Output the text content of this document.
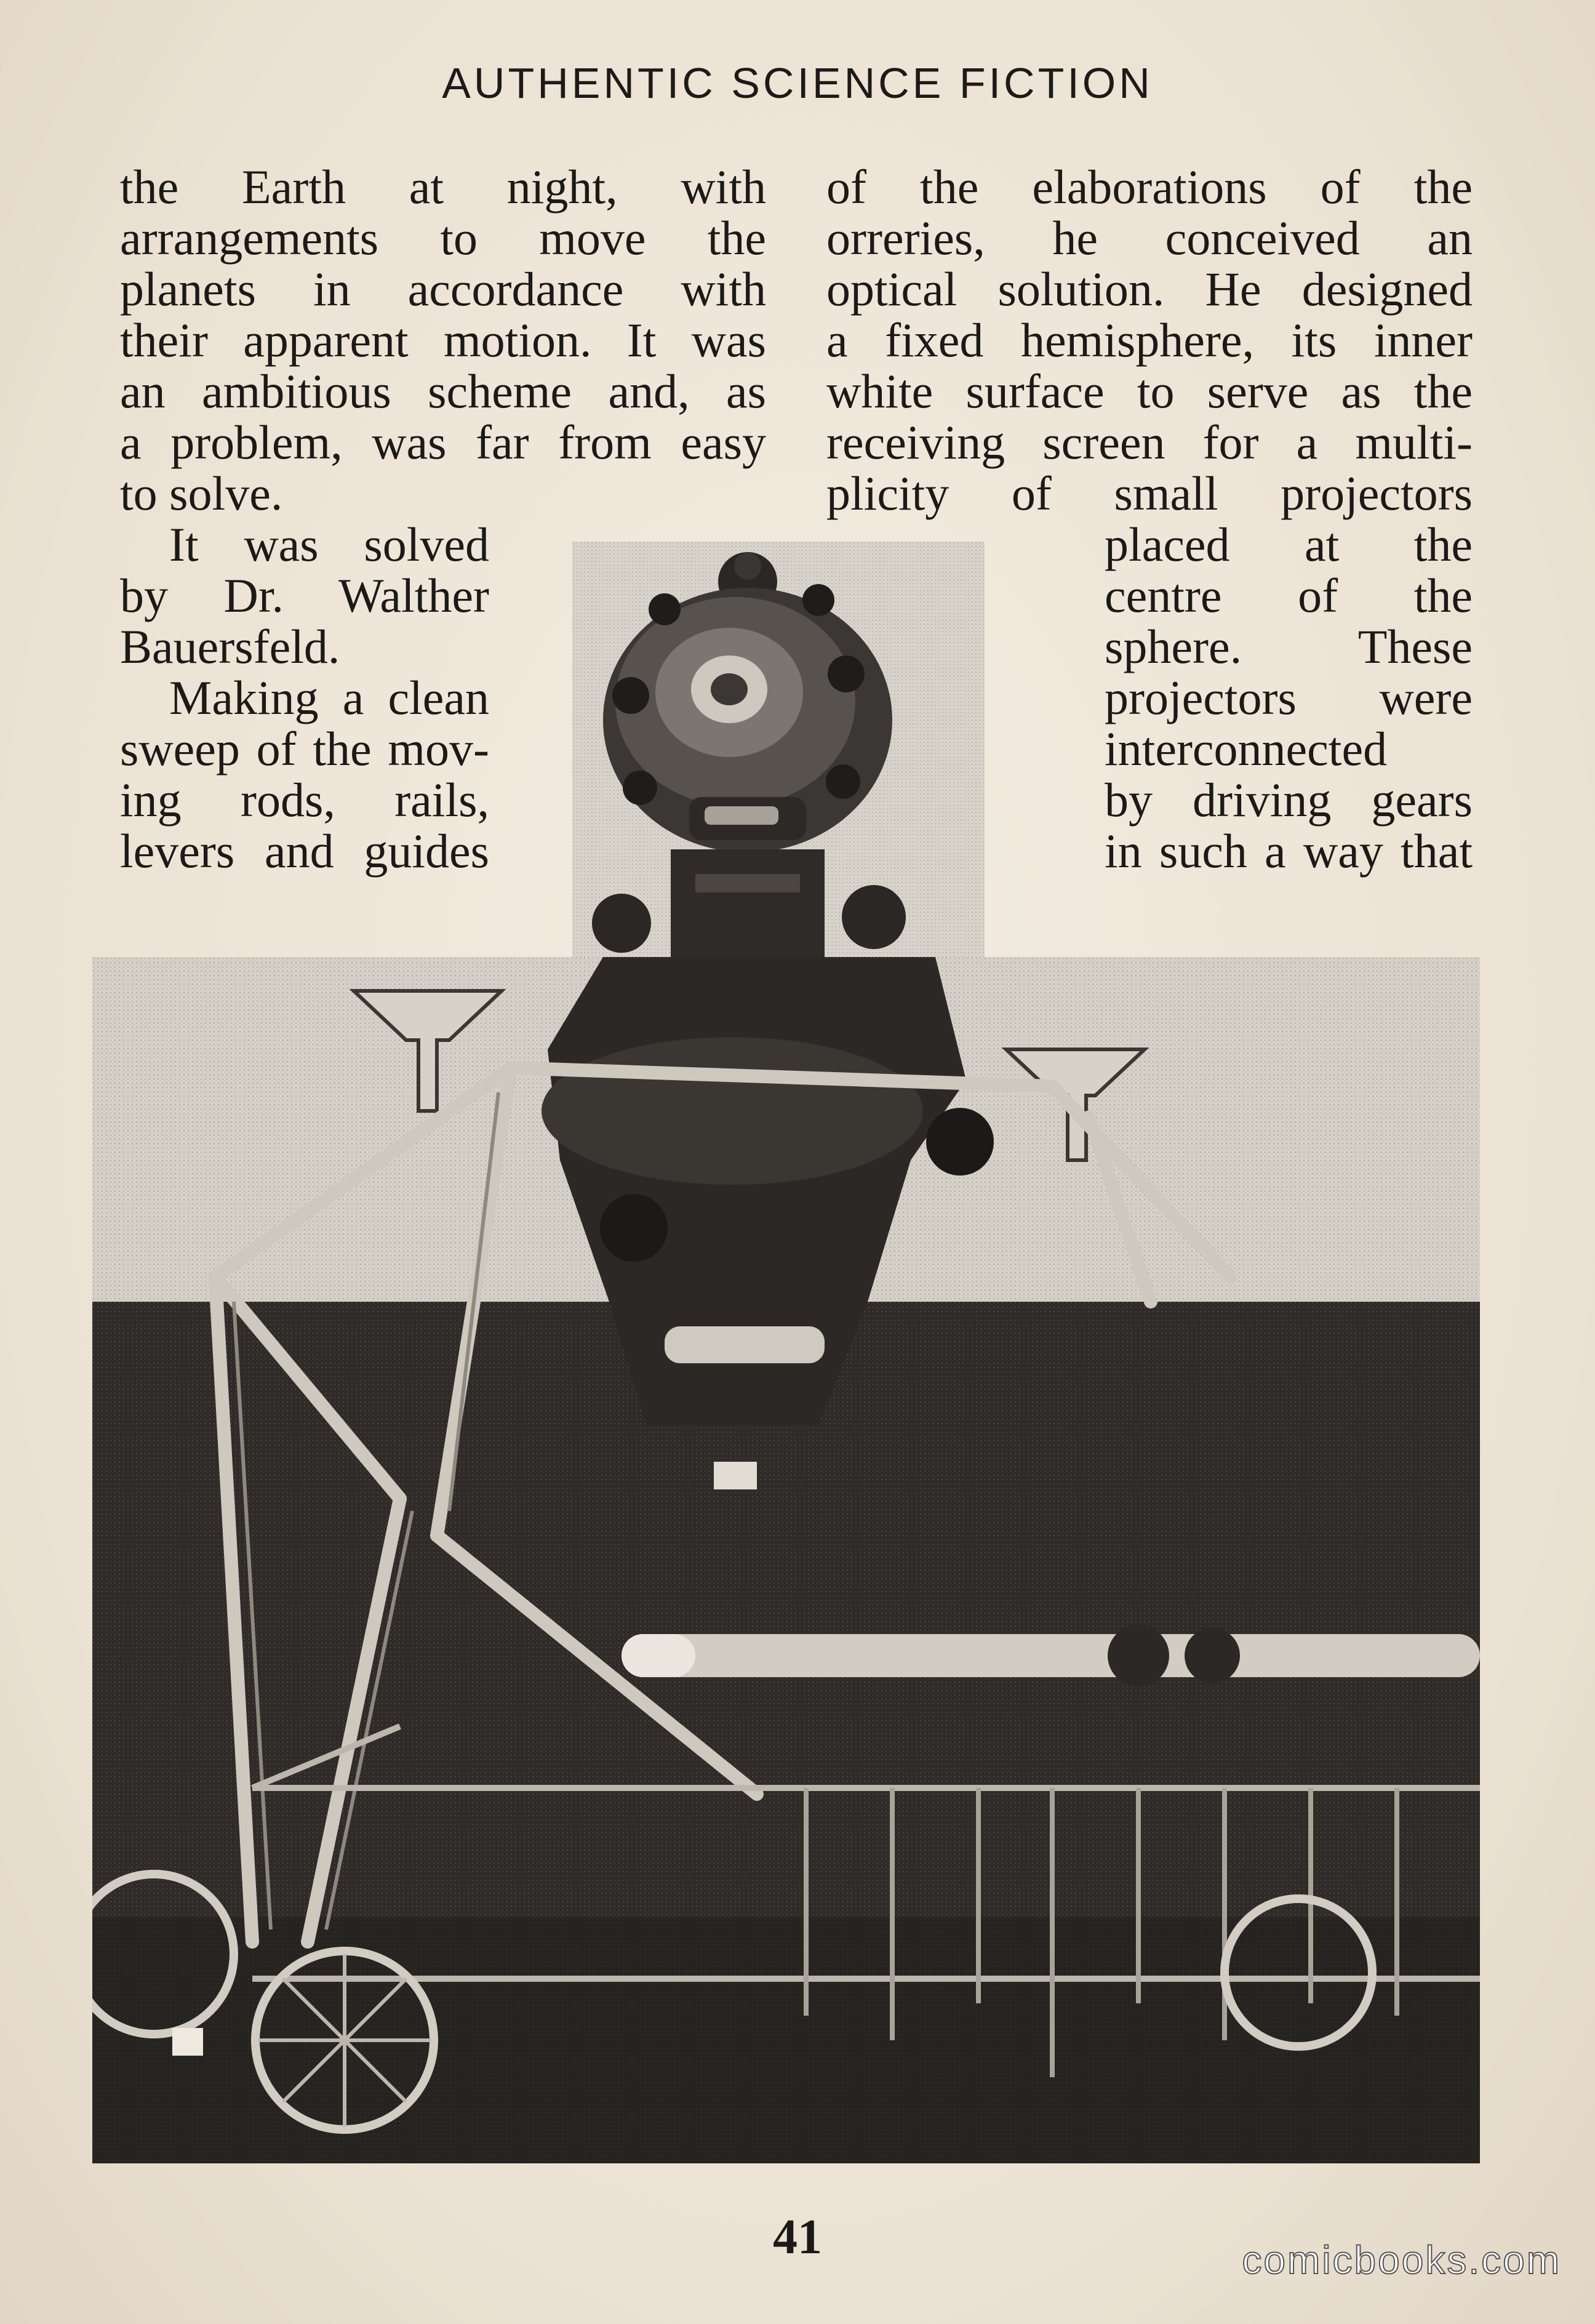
AUTHENTIC SCIENCE FICTION
the Earth at night, with
arrangements to move the
planets in accordance with
their apparent motion. It was
an ambitious scheme and, as
a problem, was far from easy
to solve.
It was solved
by Dr. Walther
Bauersfeld.
Making a clean
sweep of the mov-
ing rods, rails,
levers and guides
of the elaborations of the
orreries, he conceived an
optical solution. He designed
a fixed hemisphere, its inner
white surface to serve as the
receiving screen for a multi-
plicity of small projectors
placed at the
centre of the
sphere. These
projectors were
interconnected
by driving gears
in such a way that
41	comicbooks.com
